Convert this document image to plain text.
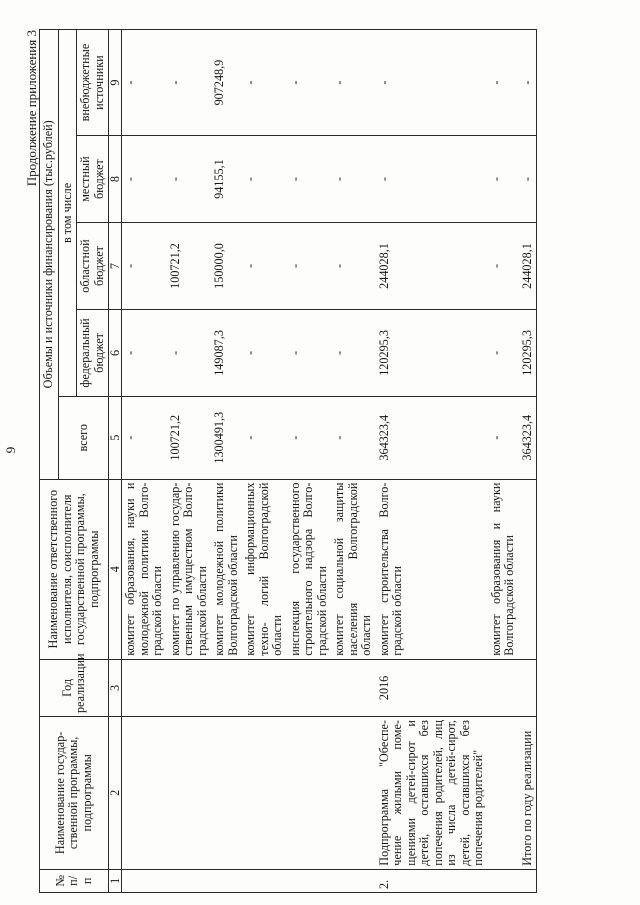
9
Продолжение приложения 3
№ п/п	Наименование государ- ственной программы, подпрограммы	Год реализации	Наименование ответственного исполнителя, соисполнителя государственной программы, подпрограммы	Объемы и источники финансирования (тыс.рублей)				
				всего	в том числе			
					федеральный бюджет	областной бюджет	местный бюджет	внебюджетные источники
1	2	3	4	5	6	7	8	9
			комитет образования, науки и молодежной политики Волго- градской области	-	-	-	-	-
			комитет по управлению государ- ственным имуществом Волго- градской области	100721,2	-	100721,2	-	-
			комитет молодежной политики Волгоградской области	1300491,3	149087,3	150000,0	94155,1	907248,9
			комитет информационных техно- логий Волгоградской области	-	-	-	-	-
			инспекция государственного строительного надзора Волго- градской области	-	-	-	-	-
			комитет социальной защиты населения Волгоградской области	-	-	-	-	-
2.	Подпрограмма "Обеспе- чение жилыми поме- щениями детей-сирот и детей, оставшихся без попечения родителей, лиц из числа детей-сирот, детей, оставшихся без попечения родителей"	2016	комитет строительства Волго- градской области	364323,4	120295,3	244028,1	-	-
			комитет образования и науки Волгоградской области	-	-	-	-	-
	Итого по году реализации			364323,4	120295,3	244028,1	-	-
